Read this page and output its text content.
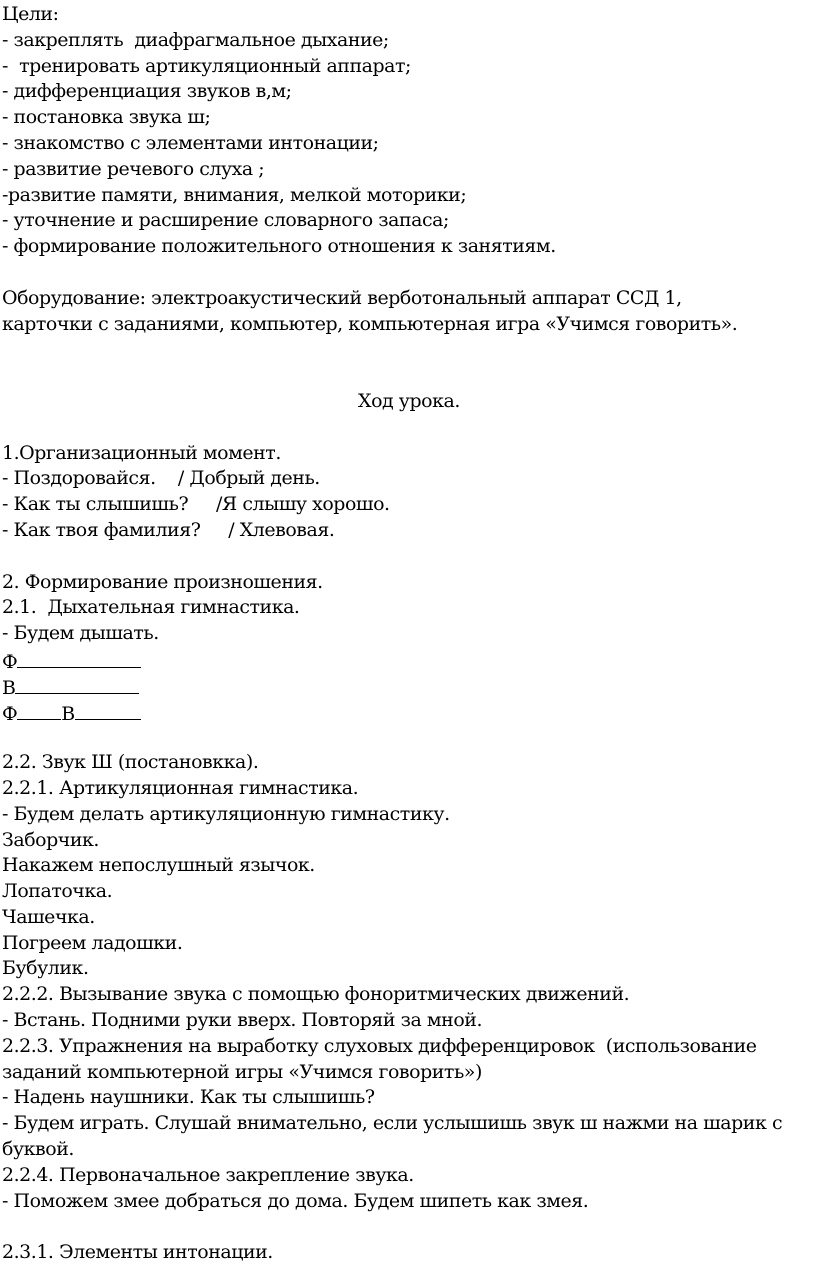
Цели:
- закреплять  диафрагмальное дыхание;
-  тренировать артикуляционный аппарат;
- дифференциация звуков в,м;
- постановка звука ш;
- знакомство с элементами интонации;
- развитие речевого слуха ;
-развитие памяти, внимания, мелкой моторики;
- уточнение и расширение словарного запаса;
- формирование положительного отношения к занятиям.
Оборудование: электроакустический верботональный аппарат ССД 1,
карточки с заданиями, компьютер, компьютерная игра «Учимся говорить».
Ход урока.
1.Организационный момент.
- Поздоровайся.    / Добрый день.
- Как ты слышишь?     /Я слышу хорошо.
- Как твоя фамилия?     / Хлевовая.
2. Формирование произношения.
2.1.  Дыхательная гимнастика.
- Будем дышать.
Ф
В
Ф В
2.2. Звук Ш (постановкка).
2.2.1. Артикуляционная гимнастика.
- Будем делать артикуляционную гимнастику.
Заборчик.
Накажем непослушный язычок.
Лопаточка.
Чашечка.
Погреем ладошки.
Бубулик.
2.2.2. Вызывание звука с помощью фоноритмических движений.
- Встань. Подними руки вверх. Повторяй за мной.
2.2.3. Упражнения на выработку слуховых дифференцировок  (использование
заданий компьютерной игры «Учимся говорить»)
- Надень наушники. Как ты слышишь?
- Будем играть. Слушай внимательно, если услышишь звук ш нажми на шарик с
буквой.
2.2.4. Первоначальное закрепление звука.
- Поможем змее добраться до дома. Будем шипеть как змея.
2.3.1. Элементы интонации.
